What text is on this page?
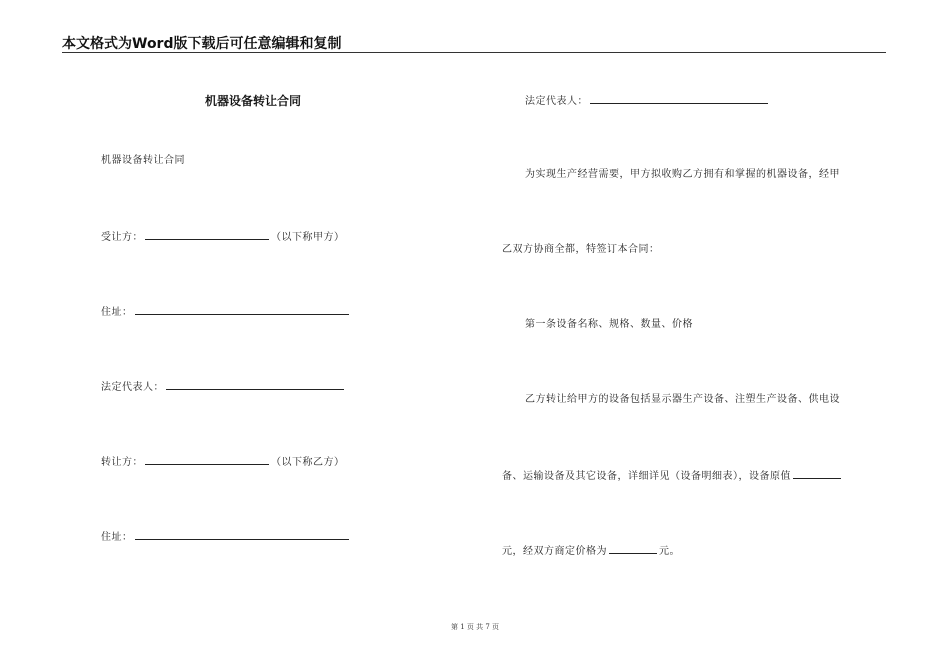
本文格式为Word版下载后可任意编辑和复制
机器设备转让合同
机器设备转让合同
受让方：	（以下称甲方）
住址：
法定代表人：
转让方：	（以下称乙方）
住址：
法定代表人：
为实现生产经营需要，甲方拟收购乙方拥有和掌握的机器设备，经甲
乙双方协商全都，特签订本合同：
第一条设备名称、规格、数量、价格
乙方转让给甲方的设备包括显示器生产设备、注塑生产设备、供电设
备、运输设备及其它设备，详细详见（设备明细表），设备原值
元，经双方商定价格为	元。
第 1 页 共 7 页
